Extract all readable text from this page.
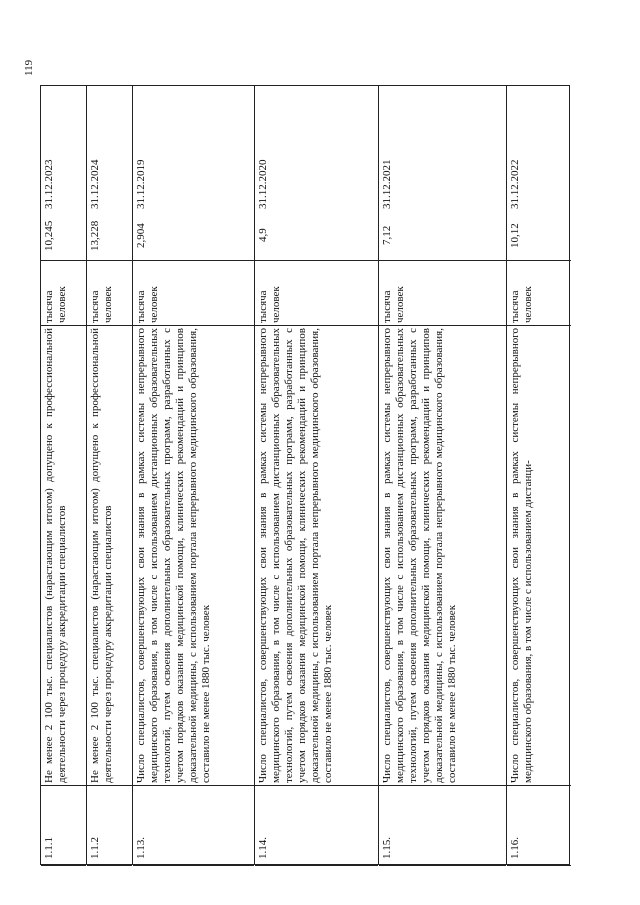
119
1.1.1
Не менее 2 100 тыс. специалистов (нарастающим итогом) допущено к профессиональной деятельности через процедуру аккредитации специалистов
тысяча человек
10,245
31.12.2023
1.1.2
Не менее 2 100 тыс. специалистов (нарастающим итогом) допущено к профессиональной деятельности через процедуру аккредитации специалистов
тысяча человек
13,228
31.12.2024
1.13.
Число специалистов, совершенствующих свои знания в рамках системы непрерывного медицинского образования, в том числе с использованием дистанционных образовательных технологий, путем освоения дополнительных образовательных программ, разработанных с учетом порядков оказания медицинской помощи, клинических рекомендаций и принципов доказательной медицины, с использованием портала непрерывного медицинского образования, составило не менее 1880 тыс. человек
тысяча человек
2,904
31.12.2019
1.14.
Число специалистов, совершенствующих свои знания в рамках системы непрерывного медицинского образования, в том числе с использованием дистанционных образовательных технологий, путем освоения дополнительных образовательных программ, разработанных с учетом порядков оказания медицинской помощи, клинических рекомендаций и принципов доказательной медицины, с использованием портала непрерывного медицинского образования, составило не менее 1880 тыс. человек
тысяча человек
4,9
31.12.2020
1.15.
Число специалистов, совершенствующих свои знания в рамках системы непрерывного медицинского образования, в том числе с использованием дистанционных образовательных технологий, путем освоения дополнительных образовательных программ, разработанных с учетом порядков оказания медицинской помощи, клинических рекомендаций и принципов доказательной медицины, с использованием портала непрерывного медицинского образования, составило не менее 1880 тыс. человек
тысяча человек
7,12
31.12.2021
1.16.
Число специалистов, совершенствующих свои знания в рамках системы непрерывного медицинского образования, в том числе с использованием дистанци-
тысяча человек
10,12
31.12.2022
